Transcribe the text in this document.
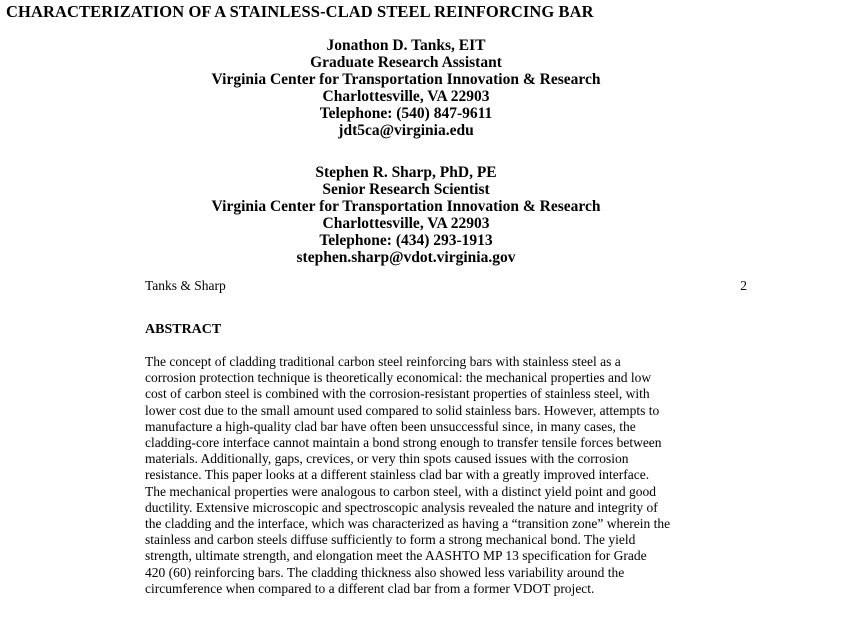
CHARACTERIZATION OF A STAINLESS-CLAD STEEL REINFORCING BAR
Jonathon D. Tanks, EIT
Graduate Research Assistant
Virginia Center for Transportation Innovation & Research
Charlottesville, VA 22903
Telephone: (540) 847-9611
jdt5ca@virginia.edu
Stephen R. Sharp, PhD, PE
Senior Research Scientist
Virginia Center for Transportation Innovation & Research
Charlottesville, VA 22903
Telephone: (434) 293-1913
stephen.sharp@vdot.virginia.gov
Tanks & Sharp	2
ABSTRACT
The concept of cladding traditional carbon steel reinforcing bars with stainless steel as a
corrosion protection technique is theoretically economical: the mechanical properties and low
cost of carbon steel is combined with the corrosion-resistant properties of stainless steel, with
lower cost due to the small amount used compared to solid stainless bars. However, attempts to
manufacture a high-quality clad bar have often been unsuccessful since, in many cases, the
cladding-core interface cannot maintain a bond strong enough to transfer tensile forces between
materials. Additionally, gaps, crevices, or very thin spots caused issues with the corrosion
resistance. This paper looks at a different stainless clad bar with a greatly improved interface.
The mechanical properties were analogous to carbon steel, with a distinct yield point and good
ductility. Extensive microscopic and spectroscopic analysis revealed the nature and integrity of
the cladding and the interface, which was characterized as having a “transition zone” wherein the
stainless and carbon steels diffuse sufficiently to form a strong mechanical bond. The yield
strength, ultimate strength, and elongation meet the AASHTO MP 13 specification for Grade
420 (60) reinforcing bars. The cladding thickness also showed less variability around the
circumference when compared to a different clad bar from a former VDOT project.
